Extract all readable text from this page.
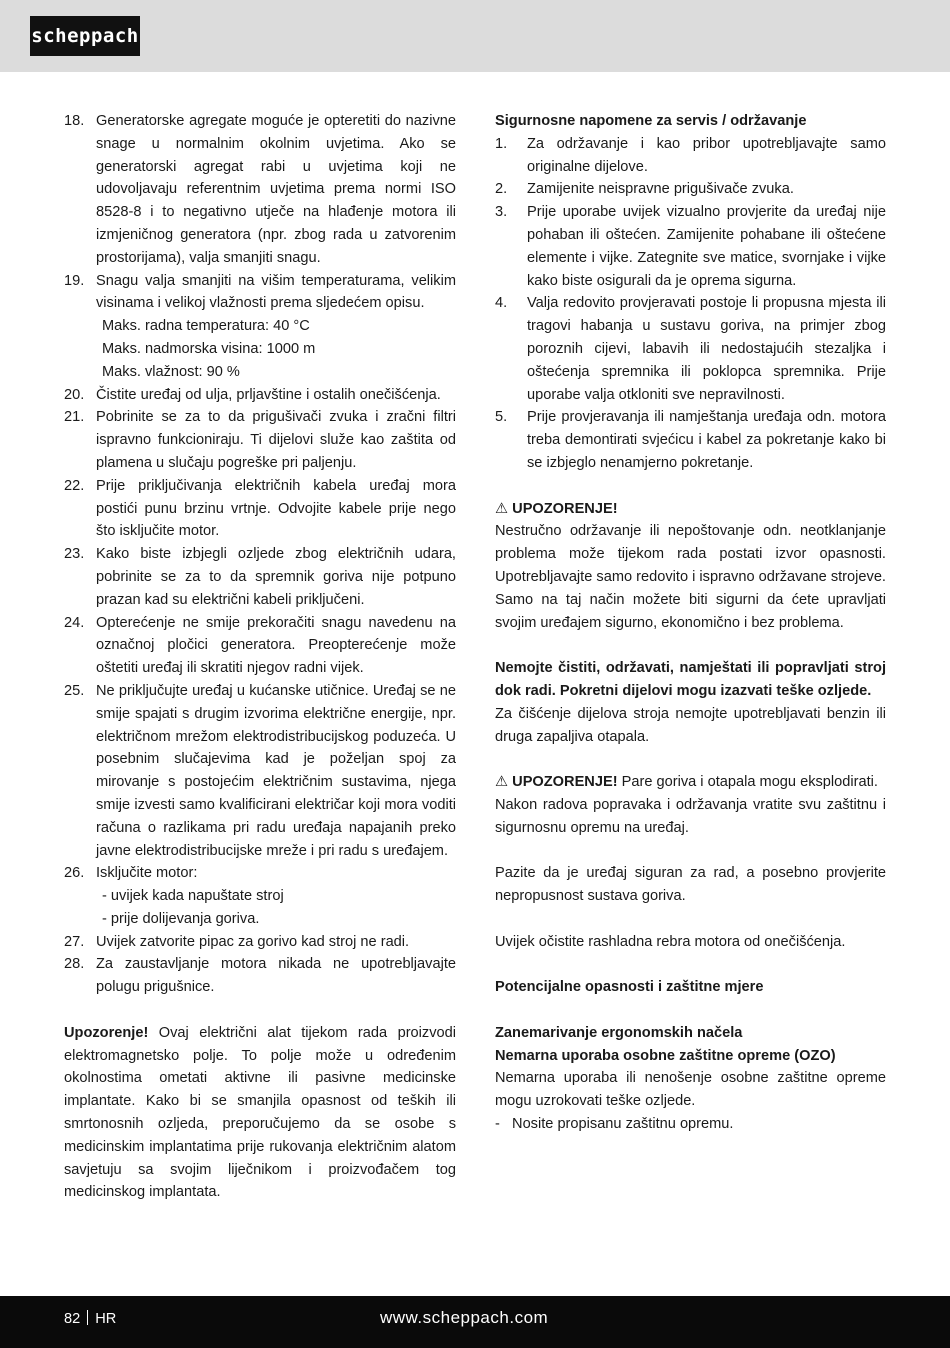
scheppach
18. Generatorske agregate moguće je opteretiti do nazivne snage u normalnim okolnim uvjetima. Ako se generatorski agregat rabi u uvjetima koji ne udovoljavaju referentnim uvjetima prema normi ISO 8528-8 i to negativno utječe na hlađenje motora ili izmjeničnog generatora (npr. zbog rada u zatvorenim prostorijama), valja smanjiti snagu.
19. Snagu valja smanjiti na višim temperaturama, velikim visinama i velikoj vlažnosti prema sljedećem opisu.
Maks. radna temperatura: 40 °C
Maks. nadmorska visina: 1000 m
Maks. vlažnost: 90 %
20. Čistite uređaj od ulja, prljavštine i ostalih onečišćenja.
21. Pobrinite se za to da prigušivači zvuka i zračni filtri ispravno funkcioniraju. Ti dijelovi služe kao zaštita od plamena u slučaju pogreške pri paljenju.
22. Prije priključivanja električnih kabela uređaj mora postići punu brzinu vrtnje. Odvojite kabele prije nego što isključite motor.
23. Kako biste izbjegli ozljede zbog električnih udara, pobrinite se za to da spremnik goriva nije potpuno prazan kad su električni kabeli priključeni.
24. Opterećenje ne smije prekoračiti snagu navedenu na označnoj pločici generatora. Preopterećenje može oštetiti uređaj ili skratiti njegov radni vijek.
25. Ne priključujte uređaj u kućanske utičnice. Uređaj se ne smije spajati s drugim izvorima električne energije, npr. električnom mrežom elektrodistribucijskog poduzeća. U posebnim slučajevima kad je poželjan spoj za mirovanje s postojećim električnim sustavima, njega smije izvesti samo kvalificirani električar koji mora voditi računa o razlikama pri radu uređaja napajanih preko javne elektrodistribucijske mreže i pri radu s uređajem.
26. Isključite motor:
- uvijek kada napuštate stroj
- prije dolijevanja goriva.
27. Uvijek zatvorite pipac za gorivo kad stroj ne radi.
28. Za zaustavljanje motora nikada ne upotrebljavajte polugu prigušnice.

Upozorenje! Ovaj električni alat tijekom rada proizvodi elektromagnetsko polje. To polje može u određenim okolnostima ometati aktivne ili pasivne medicinske implantate. Kako bi se smanjila opasnost od teških ili smrtonosnih ozljeda, preporučujemo da se osobe s medicinskim implantatima prije rukovanja električnim alatom savjetuju sa svojim liječnikom i proizvođačem tog medicinskog implantata.

Sigurnosne napomene za servis / održavanje

1. Za održavanje i kao pribor upotrebljavajte samo originalne dijelove.
2. Zamijenite neispravne prigušivače zvuka.
3. Prije uporabe uvijek vizualno provjerite da uređaj nije pohaban ili oštećen. Zamijenite pohabane ili oštećene elemente i vijke. Zategnite sve matice, svornjake i vijke kako biste osigurali da je oprema sigurna.
4. Valja redovito provjeravati postoje li propusna mjesta ili tragovi habanja u sustavu goriva, na primjer zbog poroznih cijevi, labavih ili nedostajućih stezaljka i oštećenja spremnika ili poklopca spremnika. Prije uporabe valja otkloniti sve nepravilnosti.
5. Prije provjeravanja ili namještanja uređaja odn. motora treba demontirati svjećicu i kabel za pokretanje kako bi se izbjeglo nenamjerno pokretanje.

⚠ UPOZORENJE!

Nestručno održavanje ili nepoštovanje odn. neotklanjanje problema može tijekom rada postati izvor opasnosti. Upotrebljavajte samo redovito i ispravno održavane strojeve. Samo na taj način možete biti sigurni da ćete upravljati svojim uređajem sigurno, ekonomično i bez problema.

Nemojte čistiti, održavati, namještati ili popravljati stroj dok radi. Pokretni dijelovi mogu izazvati teške ozljede.

Za čišćenje dijelova stroja nemojte upotrebljavati benzin ili druga zapaljiva otapala.

⚠ UPOZORENJE! Pare goriva i otapala mogu eksplodirati.

Nakon radova popravaka i održavanja vratite svu zaštitnu i sigurnosnu opremu na uređaj.

Pazite da je uređaj siguran za rad, a posebno provjerite nepropusnost sustava goriva.

Uvijek očistite rashladna rebra motora od onečišćenja.

Potencijalne opasnosti i zaštitne mjere

Zanemarivanje ergonomskih načela

Nemarna uporaba osobne zaštitne opreme (OZO)

Nemarna uporaba ili nenošenje osobne zaštitne opreme mogu uzrokovati teške ozljede.

-   Nosite propisanu zaštitnu opremu.

82 HR	www.scheppach.com
